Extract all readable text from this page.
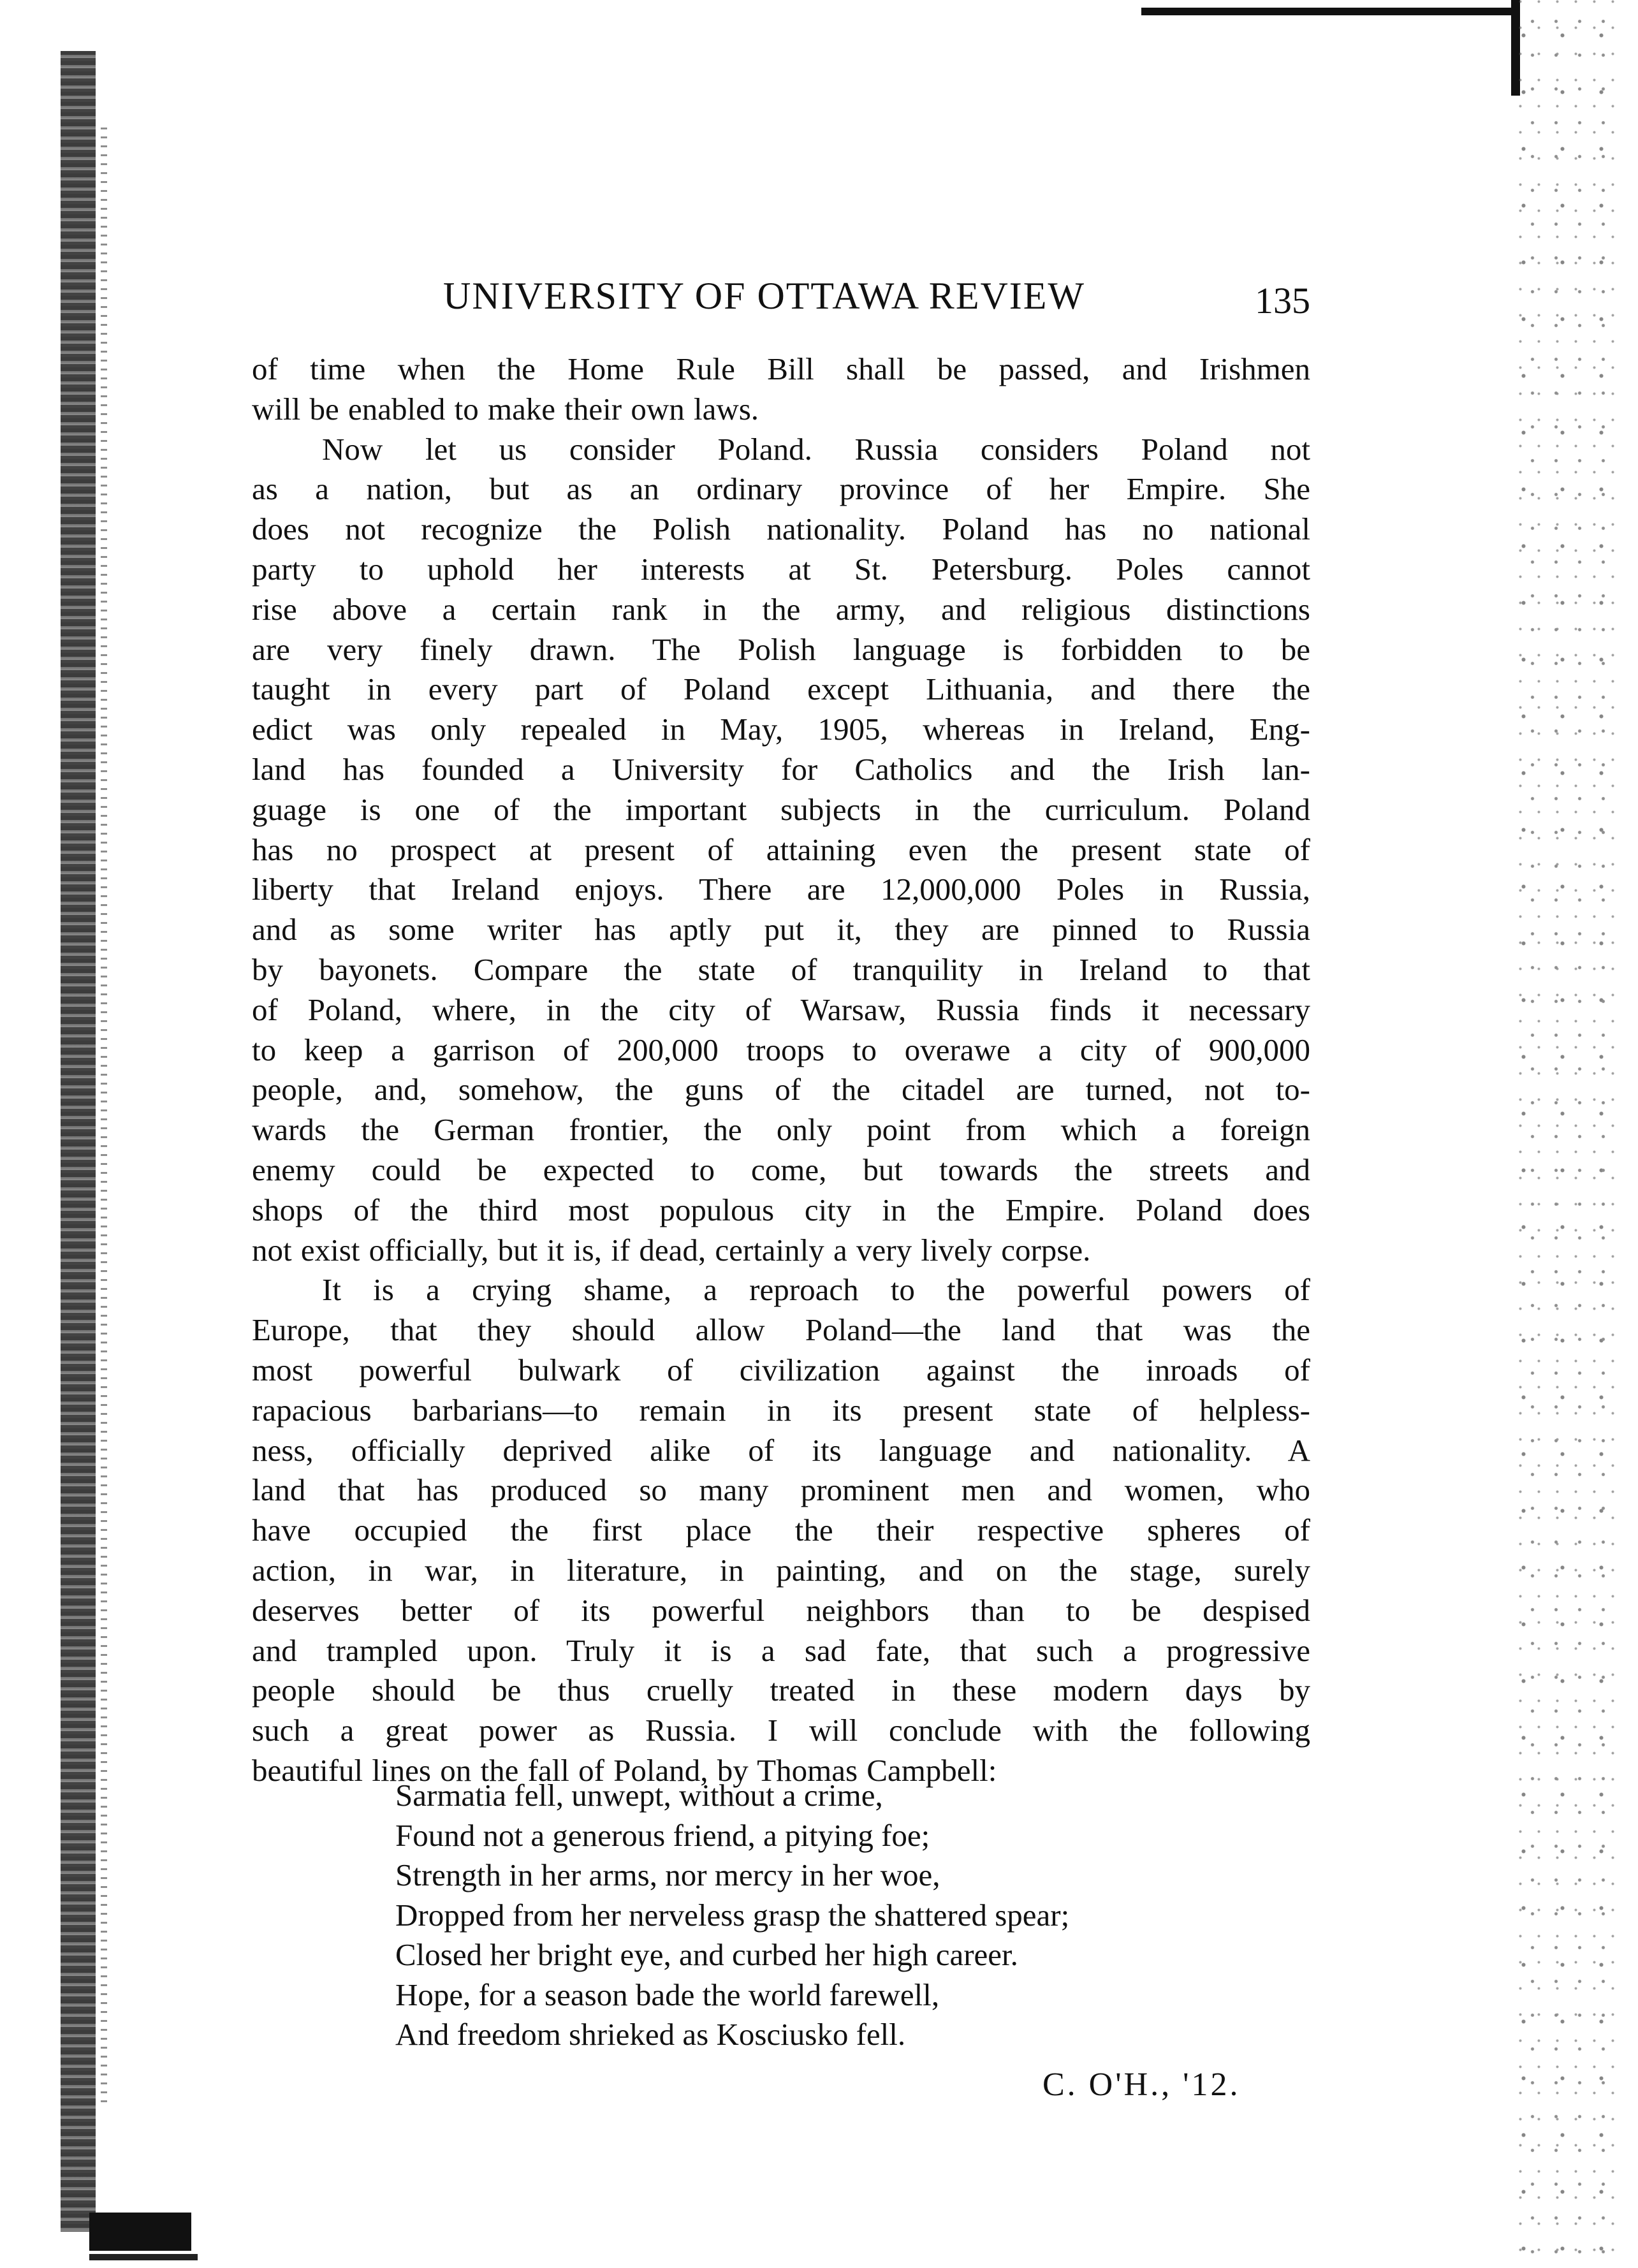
UNIVERSITY OF OTTAWA REVIEW	135
of time when the Home Rule Bill shall be passed, and Irishmen
will be enabled to make their own laws.
Now let us consider Poland. Russia considers Poland not
as a nation, but as an ordinary province of her Empire. She
does not recognize the Polish nationality. Poland has no national
party to uphold her interests at St. Petersburg. Poles cannot
rise above a certain rank in the army, and religious distinctions
are very finely drawn. The Polish language is forbidden to be
taught in every part of Poland except Lithuania, and there the
edict was only repealed in May, 1905, whereas in Ireland, Eng-
land has founded a University for Catholics and the Irish lan-
guage is one of the important subjects in the curriculum. Poland
has no prospect at present of attaining even the present state of
liberty that Ireland enjoys. There are 12,000,000 Poles in Russia,
and as some writer has aptly put it, they are pinned to Russia
by bayonets. Compare the state of tranquility in Ireland to that
of Poland, where, in the city of Warsaw, Russia finds it necessary
to keep a garrison of 200,000 troops to overawe a city of 900,000
people, and, somehow, the guns of the citadel are turned, not to-
wards the German frontier, the only point from which a foreign
enemy could be expected to come, but towards the streets and
shops of the third most populous city in the Empire. Poland does
not exist officially, but it is, if dead, certainly a very lively corpse.
It is a crying shame, a reproach to the powerful powers of
Europe, that they should allow Poland—the land that was the
most powerful bulwark of civilization against the inroads of
rapacious barbarians—to remain in its present state of helpless-
ness, officially deprived alike of its language and nationality. A
land that has produced so many prominent men and women, who
have occupied the first place the their respective spheres of
action, in war, in literature, in painting, and on the stage, surely
deserves better of its powerful neighbors than to be despised
and trampled upon. Truly it is a sad fate, that such a progressive
people should be thus cruelly treated in these modern days by
such a great power as Russia. I will conclude with the following
beautiful lines on the fall of Poland, by Thomas Campbell:
Sarmatia fell, unwept, without a crime,
Found not a generous friend, a pitying foe;
Strength in her arms, nor mercy in her woe,
Dropped from her nerveless grasp the shattered spear;
Closed her bright eye, and curbed her high career.
Hope, for a season bade the world farewell,
And freedom shrieked as Kosciusko fell.
C. O'H., '12.
